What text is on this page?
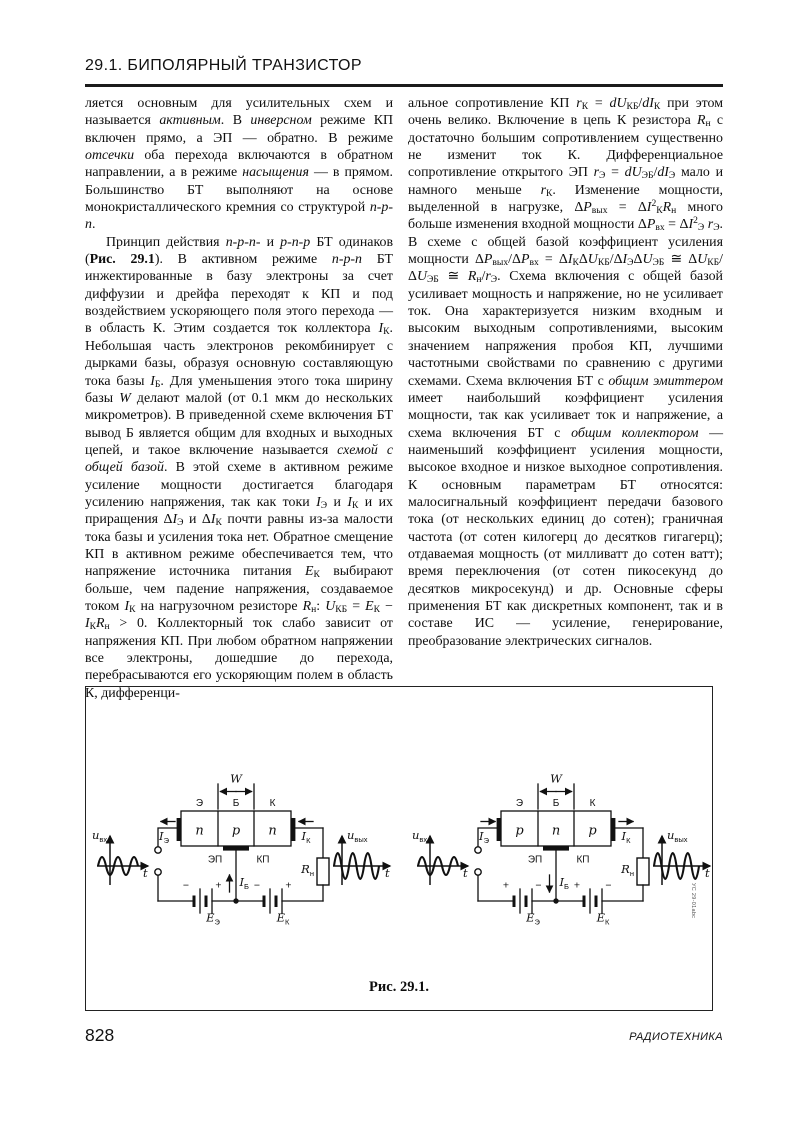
29.1. БИПОЛЯРНЫЙ ТРАНЗИСТОР

ляется основным для усилительных схем и называется активным. В инверсном режиме КП включен прямо, а ЭП — обратно. В режиме отсечки оба перехода включаются в обратном направлении, а в режиме насыщения — в прямом. Большинство БТ выполняют на основе монокристаллического кремния со структурой n-p-n.

Принцип действия n-p-n- и p-n-p БТ одинаков (Рис. 29.1). В активном режиме n-p-n БТ инжектированные в базу электроны за счет диффузии и дрейфа переходят к КП и под воздействием ускоряющего поля этого перехода — в область К. Этим создается ток коллектора $I_К$. Небольшая часть электронов рекомбинирует с дырками базы, образуя основную составляющую тока базы $I_Б$. Для уменьшения этого тока ширину базы W делают малой (от 0.1 мкм до нескольких микрометров). В приведенной схеме включения БТ вывод Б является общим для входных и выходных цепей, и такое включение называется схемой с общей базой. В этой схеме в активном режиме усиление мощности достигается благодаря усилению напряжения, так как токи $I_Э$ и $I_К$ и их приращения $\Delta I_Э$ и $\Delta I_К$ почти равны из-за малости тока базы и усиления тока нет. Обратное смещение КП в активном режиме обеспечивается тем, что напряжение источника питания $E_К$ выбирают больше, чем падение напряжения, создаваемое током $I_К$ на нагрузочном резисторе $R_н$: $U_{КБ} = E_К - I_КR_н > 0$. Коллекторный ток слабо зависит от напряжения КП. При любом обратном напряжении все электроны, дошедшие до перехода, перебрасываются его ускоряющим полем в область К, дифференци-

альное сопротивление КП $r_К = dU_{КБ}/dI_К$ при этом очень велико. Включение в цепь К резистора $R_н$ с достаточно большим сопротивлением существенно не изменит ток К. Дифференциальное сопротивление открытого ЭП $r_Э = dU_{ЭБ}/dI_Э$ мало и намного меньше $r_К$. Изменение мощности, выделенной в нагрузке, $\Delta P_{вых} = \Delta I^2_КR_н$ много больше изменения входной мощности $\Delta P_{вх} = \Delta I^2_Э$ $r_Э$. В схеме с общей базой коэффициент усиления мощности $\Delta P_{вых}/\Delta P_{вх} = \Delta I_К\Delta U_{КБ}/\Delta I_Э\Delta U_{ЭБ}$ ≅ $\Delta U_{КБ}/\Delta U_{ЭБ}$ ≅ $R_н/r_Э$. Схема включения с общей базой усиливает мощность и напряжение, но не усиливает ток. Она характеризуется низким входным и высоким выходным сопротивлениями, высоким значением напряжения пробоя КП, лучшими частотными свойствами по сравнению с другими схемами. Схема включения БТ с общим эмиттером имеет наибольший коэффициент усиления мощности, так как усиливает ток и напряжение, а схема включения БТ с общим коллектором — наименьший коэффициент усиления мощности, высокое входное и низкое выходное сопротивления. К основным параметрам БТ относятся: малосигнальный коэффициент передачи базового тока (от нескольких единиц до сотен); граничная частота (от сотен килогерц до десятков гигагерц); отдаваемая мощность (от милливатт до сотен ватт); время переключения (от сотен пикосекунд до десятков микросекунд) и др. Основные сферы применения БТ как дискретных компонент, так и в составе ИС — усиление, генерирование, преобразование электрических сигналов.

$u_{вх}$
t
$I_Э$
n p n
Э	Б	К
W
$I_Б$
ЭП	КП
$I_К$
$R_н$
−	+
$E_Э$
− +
$E_К$
$u_{вых}$
t
$u_{вх}$
t
$I_Э$
p n p
Э	Б	К
W
$I_Б$
ЭП	КП
$I_К$
$R_н$
+	−
$E_Э$
+ −
$E_К$
$u_{вых}$
t
УС 29-01abc
Рис. 29.1.
828	РАДИОТЕХНИКА
